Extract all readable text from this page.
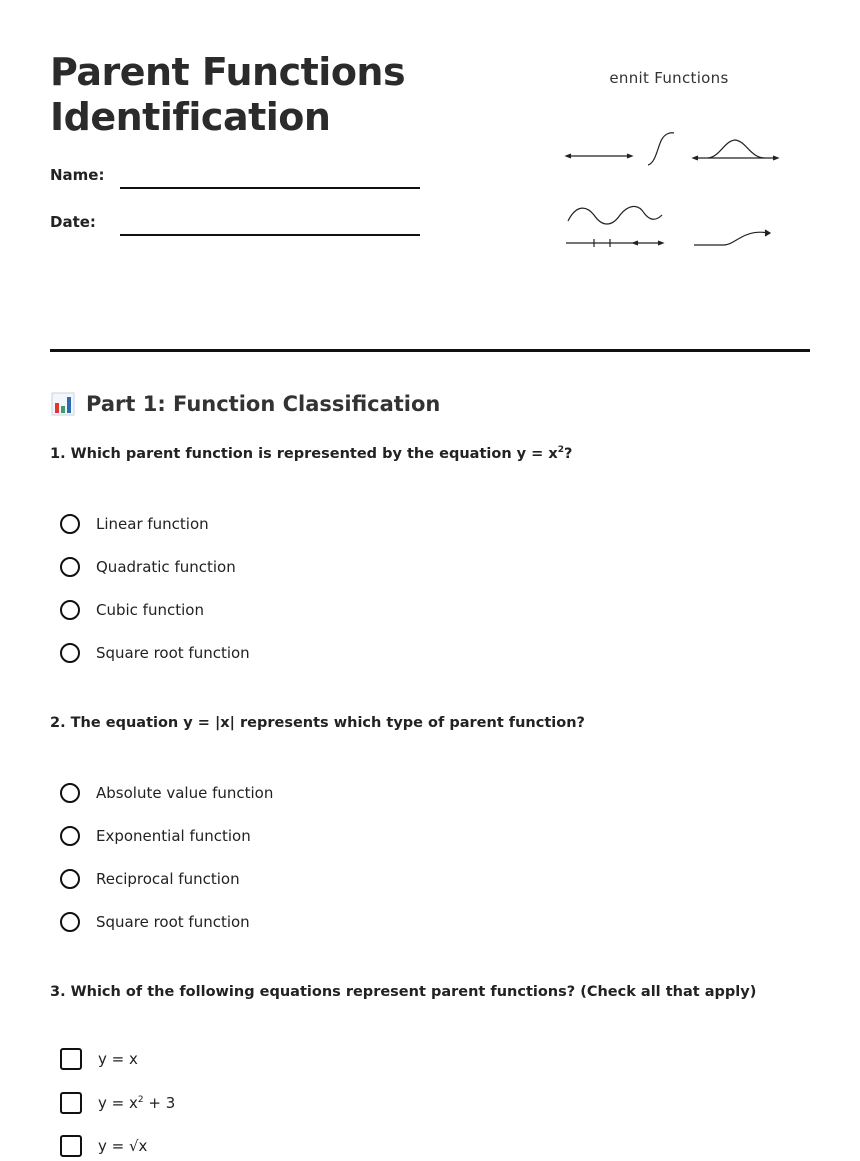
Parent Functions
Identification
Name:
Date:
ennit Functions
Part 1: Function Classification
1. Which parent function is represented by the equation $y = x^2$?
Linear function
Quadratic function
Cubic function
Square root function
2. The equation y = |x| represents which type of parent function?
Absolute value function
Exponential function
Reciprocal function
Square root function
3. Which of the following equations represent parent functions? (Check all that apply)
y = x
$y = x^2 + 3$
y = √x
